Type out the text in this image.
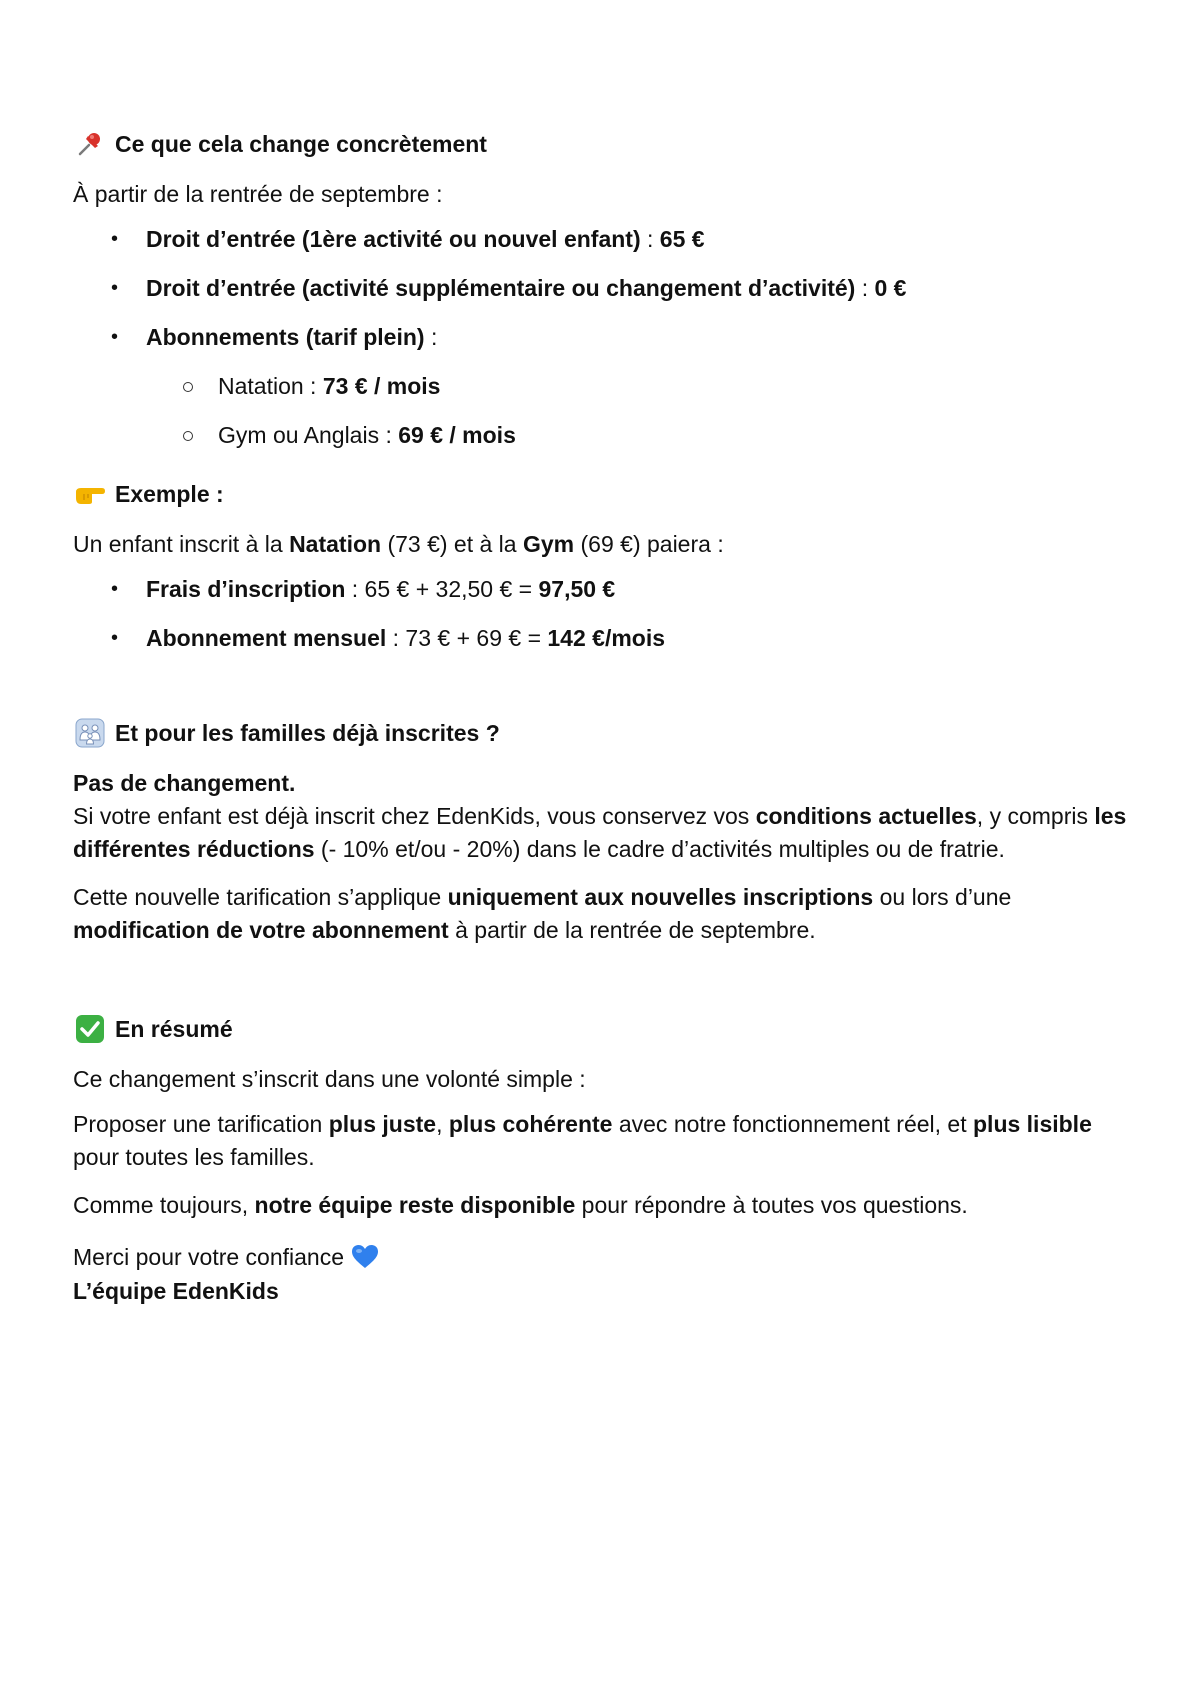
Ce que cela change concrètement

À partir de la rentrée de septembre :

• Droit d’entrée (1ère activité ou nouvel enfant) : 65 €
• Droit d’entrée (activité supplémentaire ou changement d’activité) : 0 €
• Abonnements (tarif plein) :
Natation : 73 € / mois
Gym ou Anglais : 69 € / mois
Exemple :

Un enfant inscrit à la Natation (73 €) et à la Gym (69 €) paiera :

• Frais d’inscription : 65 € + 32,50 € = 97,50 €
• Abonnement mensuel : 73 € + 69 € = 142 €/mois
Et pour les familles déjà inscrites ?

Pas de changement.

Si votre enfant est déjà inscrit chez EdenKids, vous conservez vos conditions actuelles, y compris les différentes réductions (- 10% et/ou - 20%) dans le cadre d’activités multiples ou de fratrie.

Cette nouvelle tarification s’applique uniquement aux nouvelles inscriptions ou lors d’une modification de votre abonnement à partir de la rentrée de septembre.

En résumé

Ce changement s’inscrit dans une volonté simple :

Proposer une tarification plus juste, plus cohérente avec notre fonctionnement réel, et plus lisible pour toutes les familles.

Comme toujours, notre équipe reste disponible pour répondre à toutes vos questions.

Merci pour votre confiance

L’équipe EdenKids
